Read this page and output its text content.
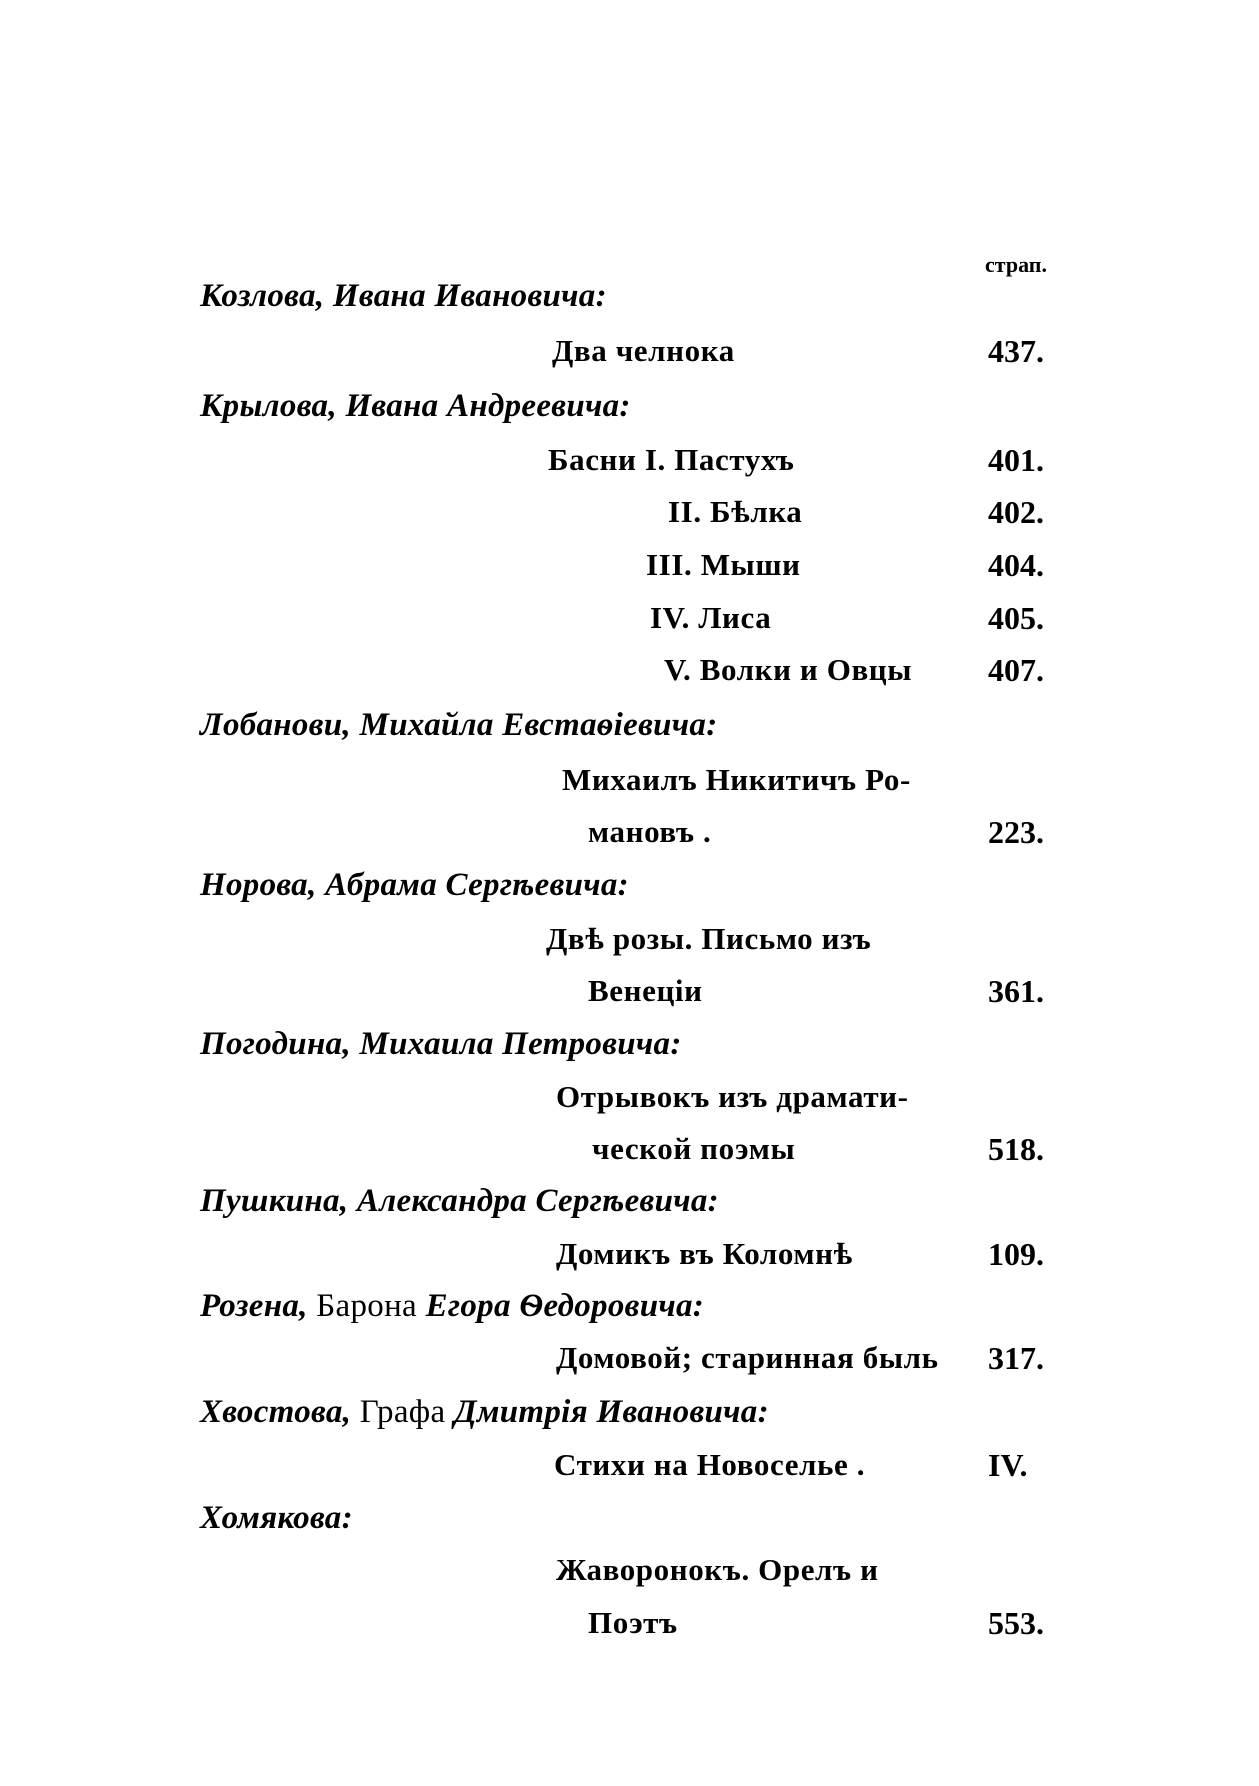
страп.
Козлова, Ивана Ивановича:
Два челнока	437.
Крылова, Ивана Андреевича:
Басни I. Пастухъ	401.
II. Бѣлка	402.
III. Мыши	404.
IV. Лиса	405.
V. Волки и Овцы 407.
Лобанови, Михайла Евстаѳіевича:
Михаилъ Никитичъ Ро-
мановъ .	223.
Норова, Абрама Сергѣевича:
Двѣ розы. Письмо изъ
Венеціи	361.
Погодина, Михаила Петровича:
Отрывокъ изъ драмати-
ческой поэмы	518.
Пушкина, Александра Сергѣевича:
Домикъ въ Коломнѣ	109.
Розена, Барона Егора Ѳедоровича:
Домовой; старинная быль 317.
Хвостова, Графа Дмитрія Ивановича:
Стихи на Новоселье .	IV.
Хомякова:
Жаворонокъ. Орелъ и
Поэтъ	553.
